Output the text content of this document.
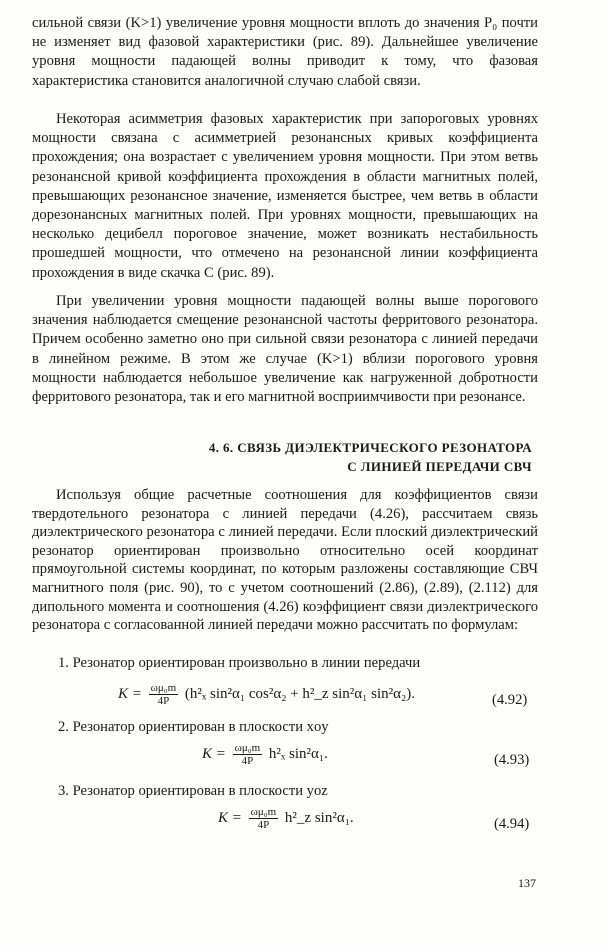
сильной связи (K>1) увеличение уровня мощности вплоть до значения P₀ почти не изменяет вид фазовой характеристики (рис. 89). Дальнейшее увеличение уровня мощности падающей волны приводит к тому, что фазовая характеристика становится аналогичной случаю слабой связи.

Некоторая асимметрия фазовых характеристик при запороговых уровнях мощности связана с асимметрией резонансных кривых коэффициента прохождения; она возрастает с увеличением уровня мощности. При этом ветвь резонансной кривой коэффициента прохождения в области магнитных полей, превышающих резонансное значение, изменяется быстрее, чем ветвь в области дорезонансных магнитных полей. При уровнях мощности, превышающих на несколько децибелл пороговое значение, может возникать нестабильность прошедшей мощности, что отмечено на резонансной линии коэффициента прохождения в виде скачка C (рис. 89).

При увеличении уровня мощности падающей волны выше порогового значения наблюдается смещение резонансной частоты ферритового резонатора. Причем особенно заметно оно при сильной связи резонатора с линией передачи в линейном режиме. В этом же случае (K>1) вблизи порогового уровня мощности наблюдается небольшое увеличение как нагруженной добротности ферритового резонатора, так и его магнитной восприимчивости при резонансе.

4. 6. СВЯЗЬ ДИЭЛЕКТРИЧЕСКОГО РЕЗОНАТОРА

С ЛИНИЕЙ ПЕРЕДАЧИ СВЧ

Используя общие расчетные соотношения для коэффициентов связи твердотельного резонатора с линией передачи (4.26), рассчитаем связь диэлектрического резонатора с линией передачи. Если плоский диэлектрический резонатор ориентирован произвольно относительно осей координат прямоугольной системы координат, по которым разложены составляющие СВЧ магнитного поля (рис. 90), то с учетом соотношений (2.86), (2.89), (2.112) для дипольного момента и соотношения (4.26) коэффициент связи диэлектрического резонатора с согласованной линией передачи можно рассчитать по формулам:

1. Резонатор ориентирован произвольно в линии передачи

$K = \frac{\text{ωμ₀m}}{4P} (h^2_x$ sin²α₁ cos²α₂ + h²_z sin²α₁ sin²α₂).	(4.92)

2. Резонатор ориентирован в плоскости xoy

$K = \frac{\text{ωμ₀m}}{4P} h^2_x$ sin²α₁.	(4.93)

3. Резонатор ориентирован в плоскости yoz

$K = \frac{\text{ωμ₀m}}{4P}$ h²_z sin²α₁.	(4.94)
137
